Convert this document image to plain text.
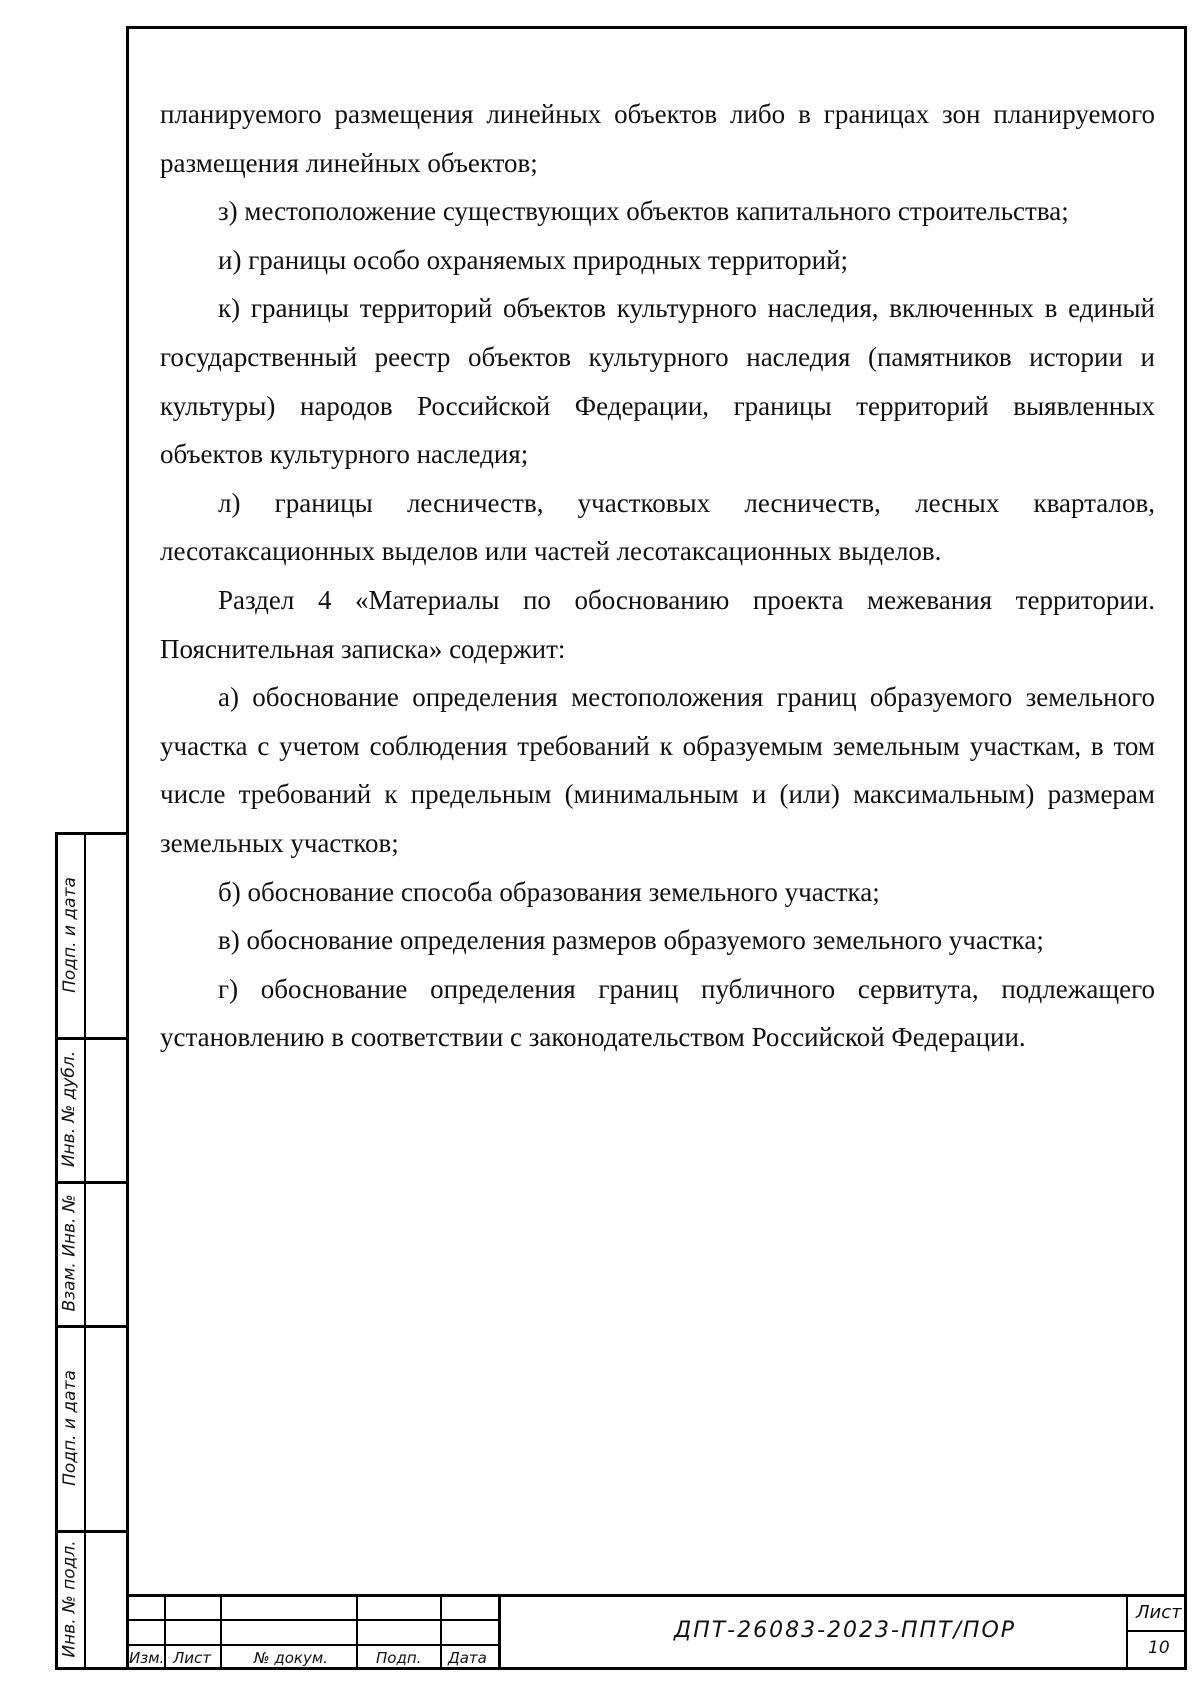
планируемого размещения линейных объектов либо в границах зон планируемого размещения линейных объектов;

з) местоположение существующих объектов капитального строительства;

и) границы особо охраняемых природных территорий;

к) границы территорий объектов культурного наследия, включенных в единый государственный реестр объектов культурного наследия (памятников истории и культуры) народов Российской Федерации, границы территорий выявленных объектов культурного наследия;

л) границы лесничеств, участковых лесничеств, лесных кварталов, лесотаксационных выделов или частей лесотаксационных выделов.

Раздел 4 «Материалы по обоснованию проекта межевания территории. Пояснительная записка» содержит:

а) обоснование определения местоположения границ образуемого земельного участка с учетом соблюдения требований к образуемым земельным участкам, в том числе требований к предельным (минимальным и (или) максимальным) размерам земельных участков;

б) обоснование способа образования земельного участка;

в) обоснование определения размеров образуемого земельного участка;

г) обоснование определения границ публичного сервитута, подлежащего установлению в соответствии с законодательством Российской Федерации.

Подп. и дата
Инв. № дубл.
Взам. Инв. №
Подп. и дата
Инв. № подл.
Изм. Лист	№ докум.	Подп. Дата
ДПТ-26083-2023-ППТ/ПОР
Лист
10
